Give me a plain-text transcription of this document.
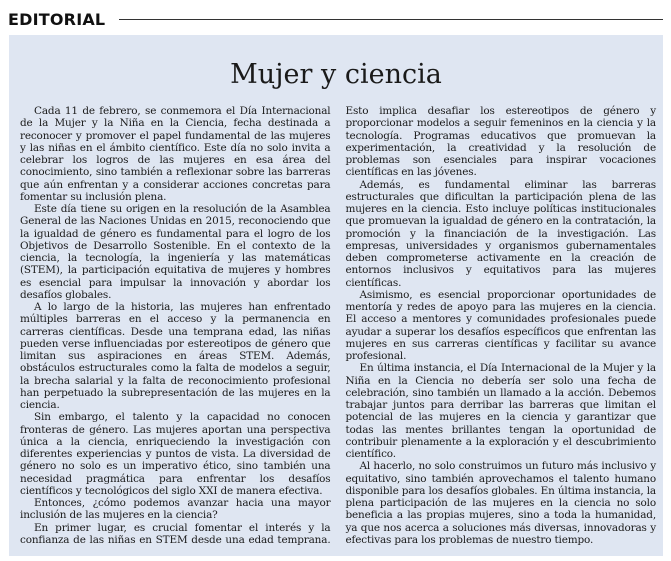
EDITORIAL
Mujer y ciencia

Cada 11 de febrero, se conmemora el Día Internacional de la Mujer y la Niña en la Ciencia, fecha destinada a reconocer y promover el papel fundamental de las mujeres y las niñas en el ámbito científico. Este día no solo invita a celebrar los logros de las mujeres en esa área del conocimiento, sino también a reflexionar sobre las barreras que aún enfrentan y a considerar acciones concretas para fomentar su inclusión plena.

Este día tiene su origen en la resolución de la Asamblea General de las Naciones Unidas en 2015, reconociendo que la igualdad de género es fundamental para el logro de los Objetivos de Desarrollo Sostenible. En el contexto de la ciencia, la tecnología, la ingeniería y las matemáticas (STEM), la participación equitativa de mujeres y hombres es esencial para impulsar la innovación y abordar los desafíos globales.

A lo largo de la historia, las mujeres han enfrentado múltiples barreras en el acceso y la permanencia en carreras científicas. Desde una temprana edad, las niñas pueden verse influenciadas por estereotipos de género que limitan sus aspiraciones en áreas STEM. Además, obstáculos estructurales como la falta de modelos a seguir, la brecha salarial y la falta de reconocimiento profesional han perpetuado la subrepresentación de las mujeres en la ciencia.

Sin embargo, el talento y la capacidad no conocen fronteras de género. Las mujeres aportan una perspectiva única a la ciencia, enriqueciendo la investigación con diferentes experiencias y puntos de vista. La diversidad de género no solo es un imperativo ético, sino también una necesidad pragmática para enfrentar los desafíos científicos y tecnológicos del siglo XXI de manera efectiva.

Entonces, ¿cómo podemos avanzar hacia una mayor inclusión de las mujeres en la ciencia?

En primer lugar, es crucial fomentar el interés y la confianza de las niñas en STEM desde una edad temprana. Esto implica desafiar los estereotipos de género y proporcionar modelos a seguir femeninos en la ciencia y la tecnología. Programas educativos que promuevan la experimentación, la creatividad y la resolución de problemas son esenciales para inspirar vocaciones científicas en las jóvenes.

Además, es fundamental eliminar las barreras estructurales que dificultan la participación plena de las mujeres en la ciencia. Esto incluye políticas institucionales que promuevan la igualdad de género en la contratación, la promoción y la financiación de la investigación. Las empresas, universidades y organismos gubernamentales deben comprometerse activamente en la creación de entornos inclusivos y equitativos para las mujeres científicas.

Asimismo, es esencial proporcionar oportunidades de mentoría y redes de apoyo para las mujeres en la ciencia. El acceso a mentores y comunidades profesionales puede ayudar a superar los desafíos específicos que enfrentan las mujeres en sus carreras científicas y facilitar su avance profesional.

En última instancia, el Día Internacional de la Mujer y la Niña en la Ciencia no debería ser solo una fecha de celebración, sino también un llamado a la acción. Debemos trabajar juntos para derribar las barreras que limitan el potencial de las mujeres en la ciencia y garantizar que todas las mentes brillantes tengan la oportunidad de contribuir plenamente a la exploración y el descubrimiento científico.

Al hacerlo, no solo construimos un futuro más inclusivo y equitativo, sino también aprovechamos el talento humano disponible para los desafíos globales. En última instancia, la plena participación de las mujeres en la ciencia no solo beneficia a las propias mujeres, sino a toda la humanidad, ya que nos acerca a soluciones más diversas, innovadoras y efectivas para los problemas de nuestro tiempo.
